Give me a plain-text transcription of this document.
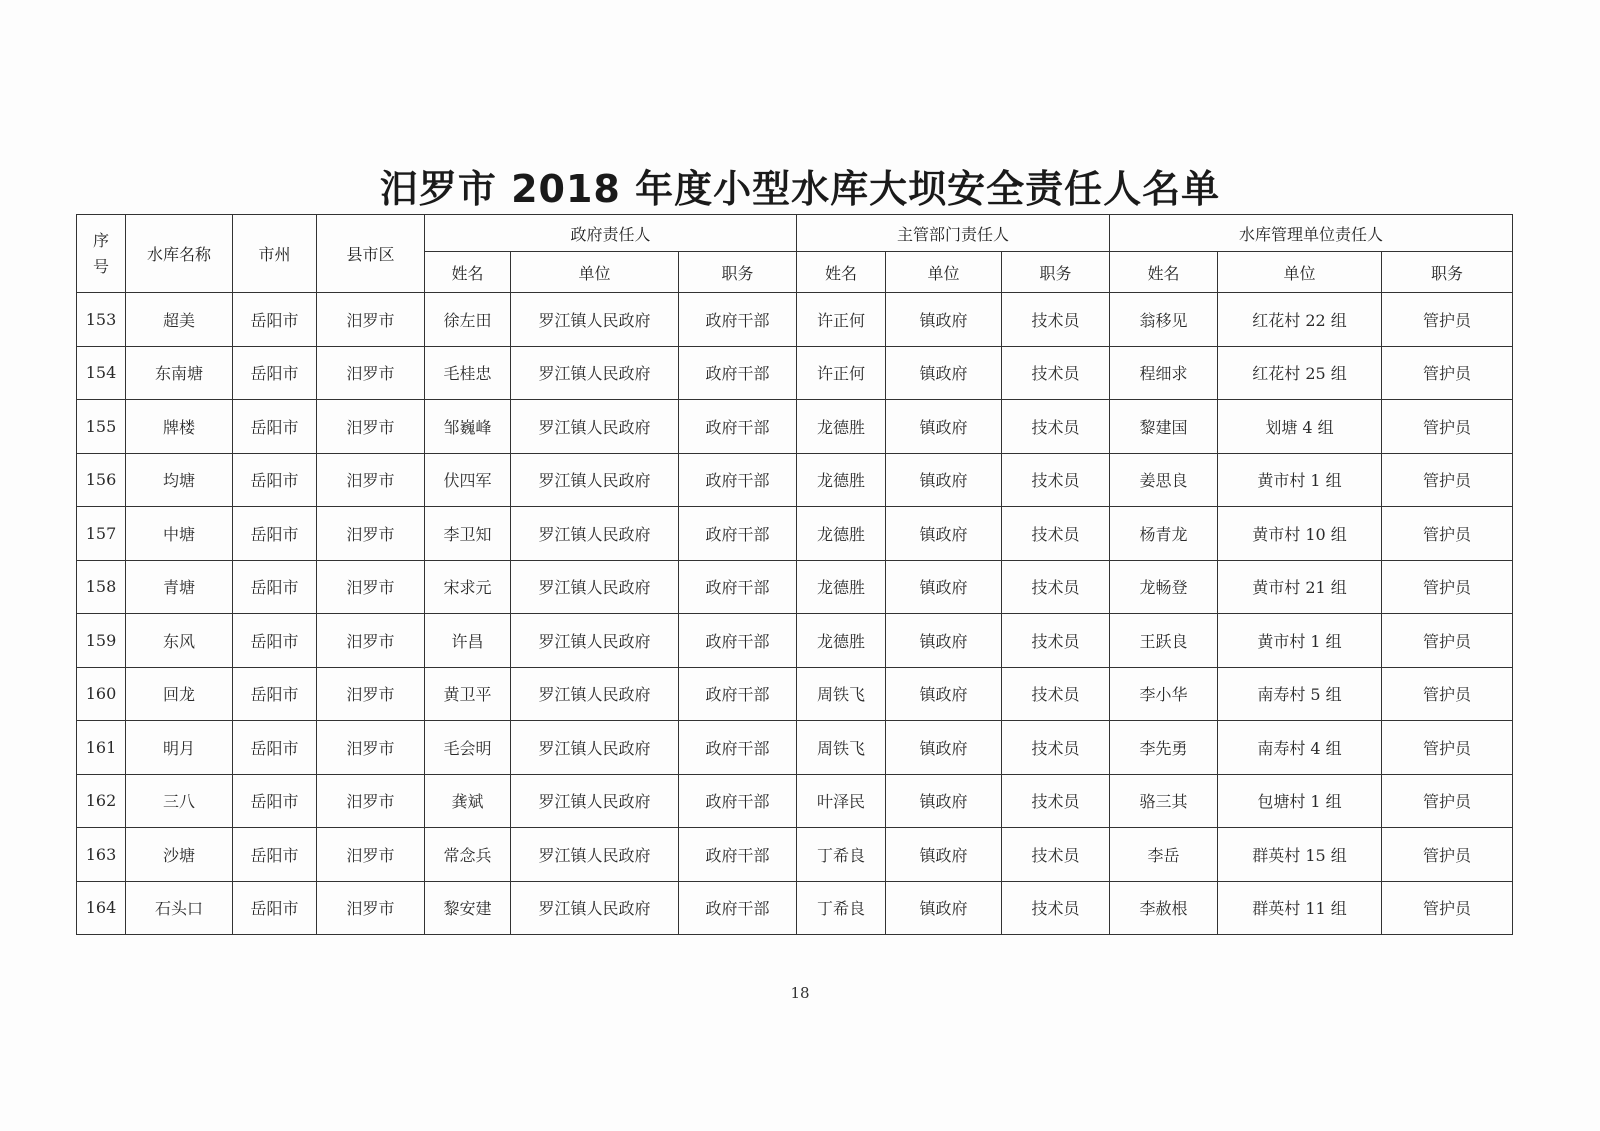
汨罗市 2018 年度小型水库大坝安全责任人名单
序
号	水库名称	市州	县市区	政府责任人			主管部门责任人			水库管理单位责任人		
				姓名	单位	职务	姓名	单位	职务	姓名	单位	职务
153	超美	岳阳市	汨罗市	徐左田	罗江镇人民政府	政府干部	许正何	镇政府	技术员	翁移见	红花村 22 组	管护员
154	东南塘	岳阳市	汨罗市	毛桂忠	罗江镇人民政府	政府干部	许正何	镇政府	技术员	程细求	红花村 25 组	管护员
155	牌楼	岳阳市	汨罗市	邹巍峰	罗江镇人民政府	政府干部	龙德胜	镇政府	技术员	黎建国	划塘 4 组	管护员
156	均塘	岳阳市	汨罗市	伏四军	罗江镇人民政府	政府干部	龙德胜	镇政府	技术员	姜思良	黄市村 1 组	管护员
157	中塘	岳阳市	汨罗市	李卫知	罗江镇人民政府	政府干部	龙德胜	镇政府	技术员	杨青龙	黄市村 10 组	管护员
158	青塘	岳阳市	汨罗市	宋求元	罗江镇人民政府	政府干部	龙德胜	镇政府	技术员	龙畅登	黄市村 21 组	管护员
159	东风	岳阳市	汨罗市	许昌	罗江镇人民政府	政府干部	龙德胜	镇政府	技术员	王跃良	黄市村 1 组	管护员
160	回龙	岳阳市	汨罗市	黄卫平	罗江镇人民政府	政府干部	周铁飞	镇政府	技术员	李小华	南寿村 5 组	管护员
161	明月	岳阳市	汨罗市	毛会明	罗江镇人民政府	政府干部	周铁飞	镇政府	技术员	李先勇	南寿村 4 组	管护员
162	三八	岳阳市	汨罗市	龚斌	罗江镇人民政府	政府干部	叶泽民	镇政府	技术员	骆三其	包塘村 1 组	管护员
163	沙塘	岳阳市	汨罗市	常念兵	罗江镇人民政府	政府干部	丁希良	镇政府	技术员	李岳	群英村 15 组	管护员
164	石头口	岳阳市	汨罗市	黎安建	罗江镇人民政府	政府干部	丁希良	镇政府	技术员	李赦根	群英村 11 组	管护员
18
